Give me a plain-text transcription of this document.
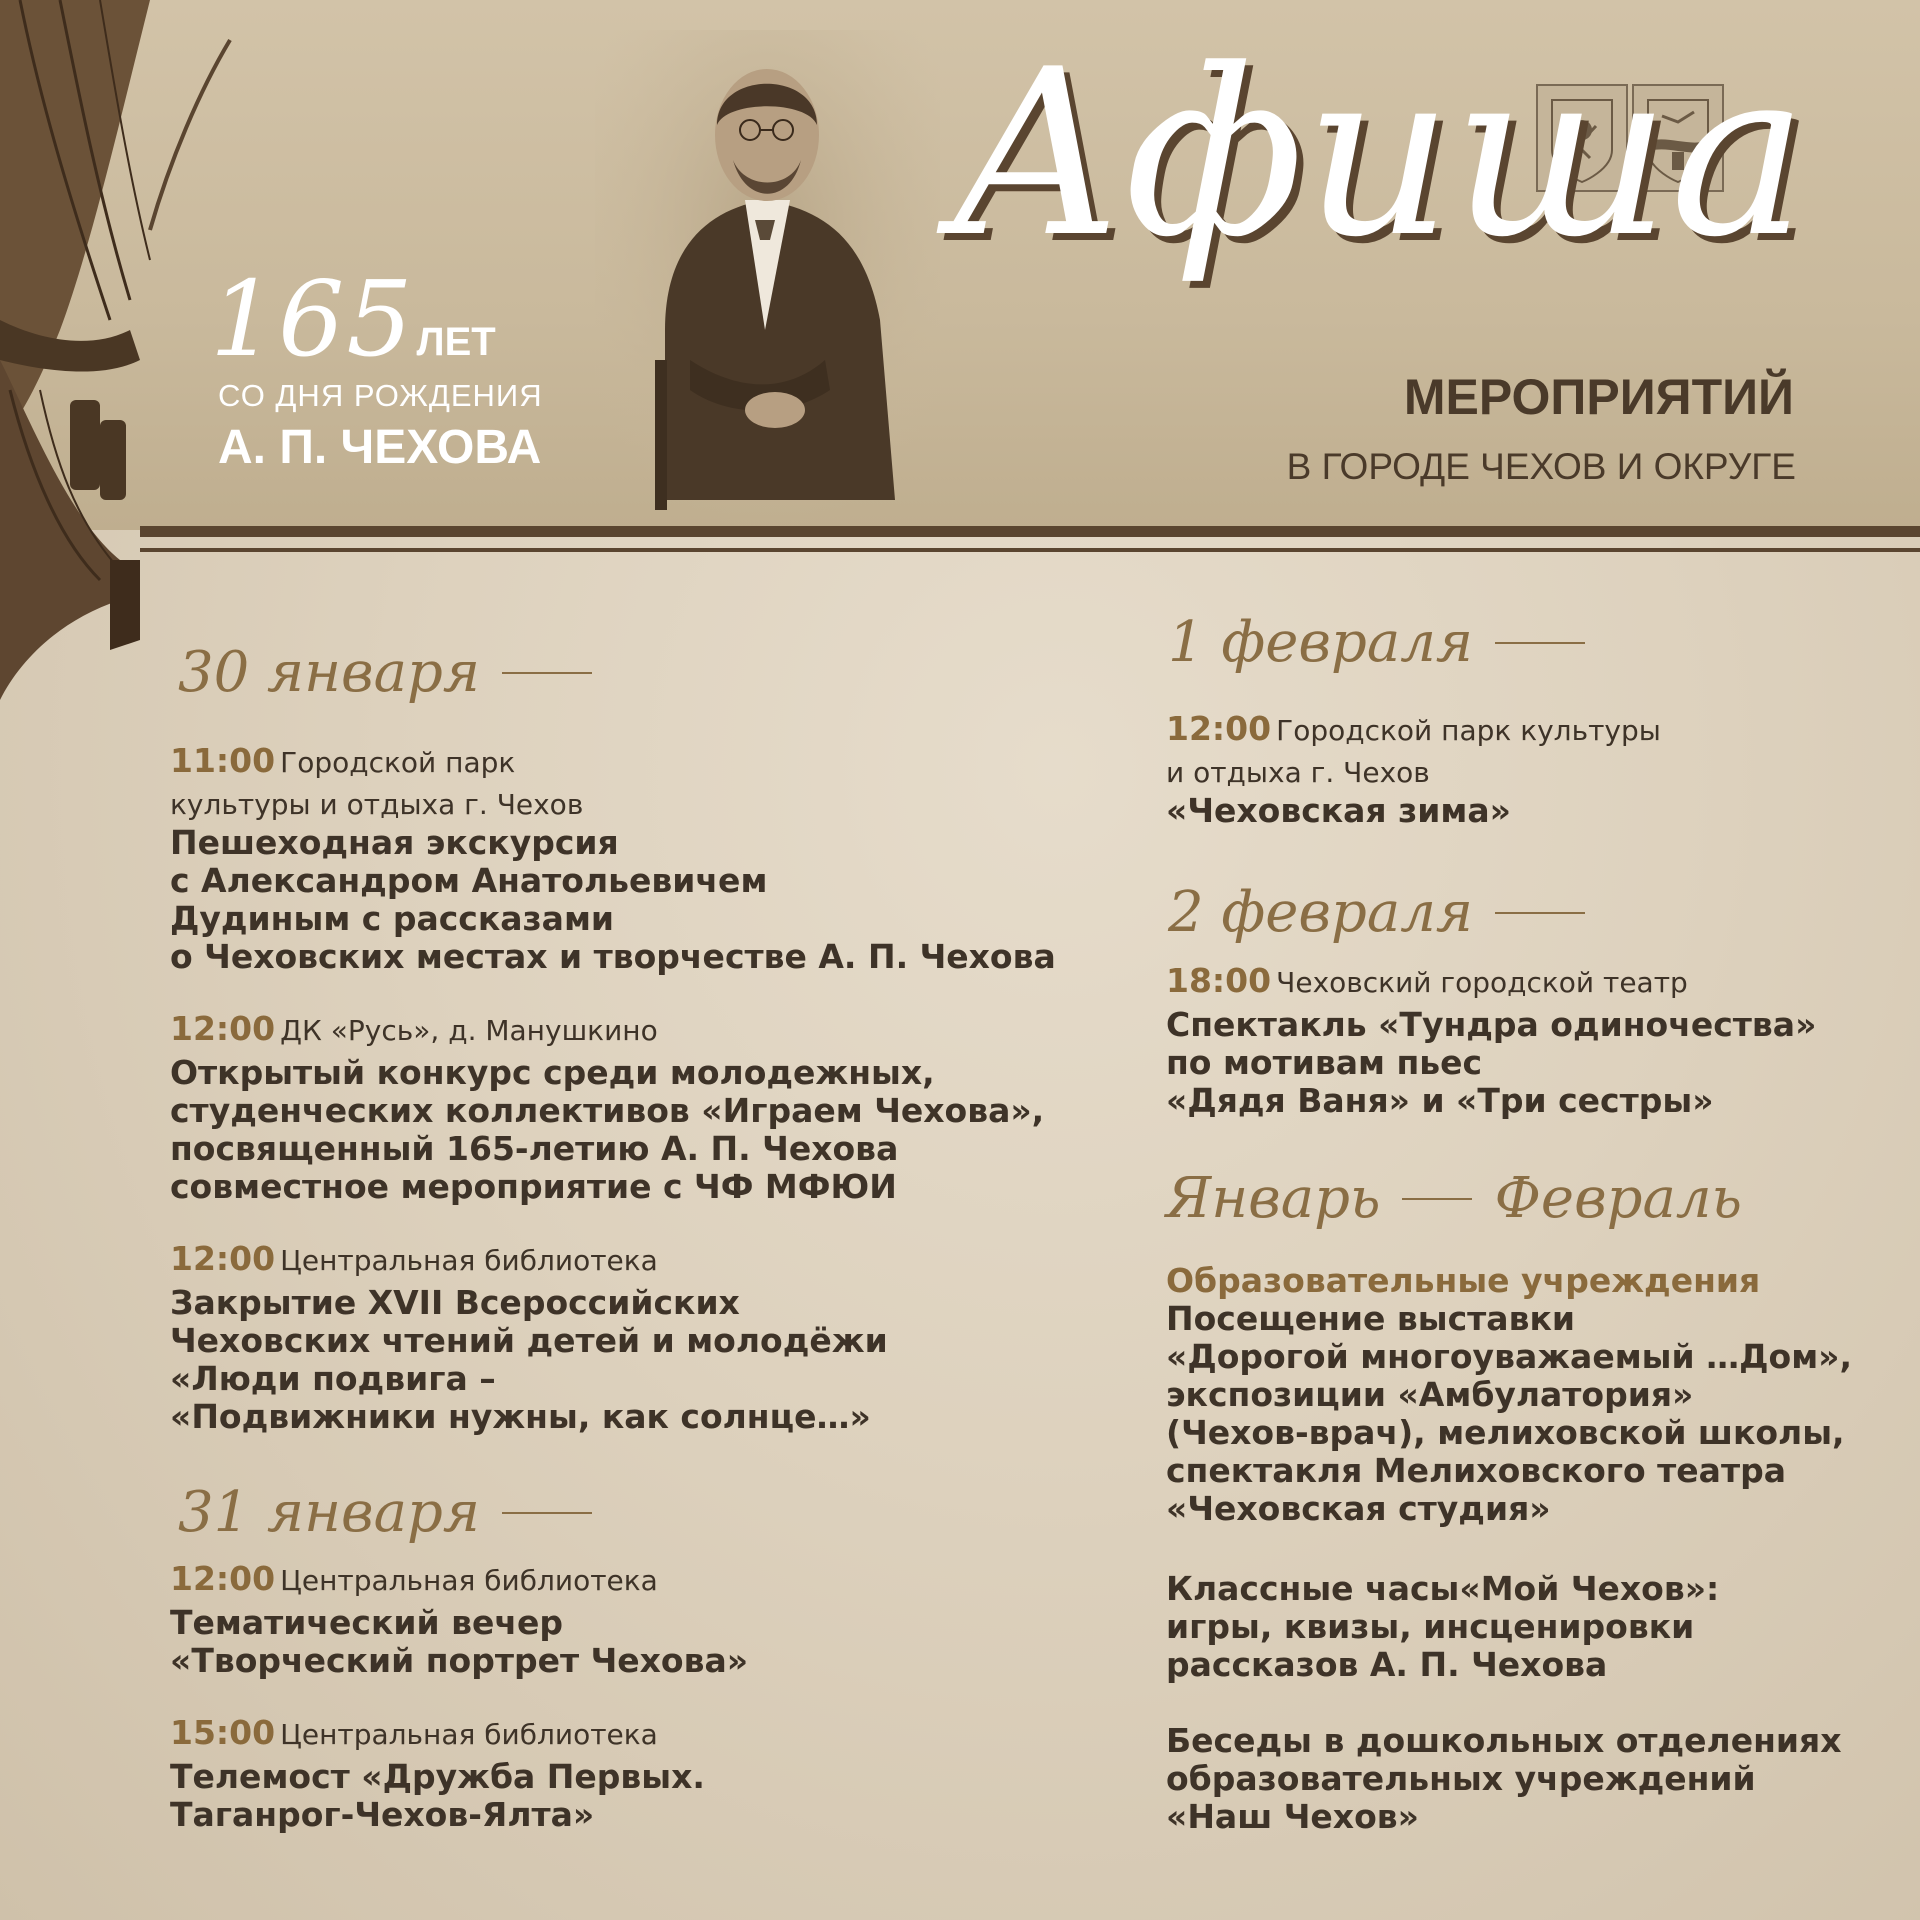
165ЛЕТ
СО ДНЯ РОЖДЕНИЯ
А. П. ЧЕХОВА
Афиша
МЕРОПРИЯТИЙ
В ГОРОДЕ ЧЕХОВ И ОКРУГЕ
30 января
11:00 Городской парк
культуры и отдыха г. Чехов
Пешеходная экскурсия
с Александром Анатольевичем
Дудиным с рассказами
о Чеховских местах и творчестве А. П. Чехова
12:00 ДК «Русь», д. Манушкино
Открытый конкурс среди молодежных,
студенческих коллективов «Играем Чехова»,
посвященный 165-летию А. П. Чехова
совместное мероприятие с ЧФ МФЮИ
12:00 Центральная библиотека
Закрытие XVII Всероссийских
Чеховских чтений детей и молодёжи
«Люди подвига –
«Подвижники нужны, как солнце…»
31 января
12:00 Центральная библиотека
Тематический вечер
«Творческий портрет Чехова»
15:00 Центральная библиотека
Телемост «Дружба Первых.
Таганрог-Чехов-Ялта»
1 февраля
12:00 Городской парк культуры
и отдыха г. Чехов
«Чеховская зима»
2 февраля
18:00 Чеховский городской театр
Спектакль «Тундра одиночества»
по мотивам пьес
«Дядя Ваня» и «Три сестры»
Январь Февраль
Образовательные учреждения
Посещение выставки
«Дорогой многоуважаемый …Дом»,
экспозиции «Амбулатория»
(Чехов-врач), мелиховской школы,
спектакля Мелиховского театра
«Чеховская студия»
Классные часы«Мой Чехов»:
игры, квизы, инсценировки
рассказов А. П. Чехова
Беседы в дошкольных отделениях
образовательных учреждений
«Наш Чехов»
